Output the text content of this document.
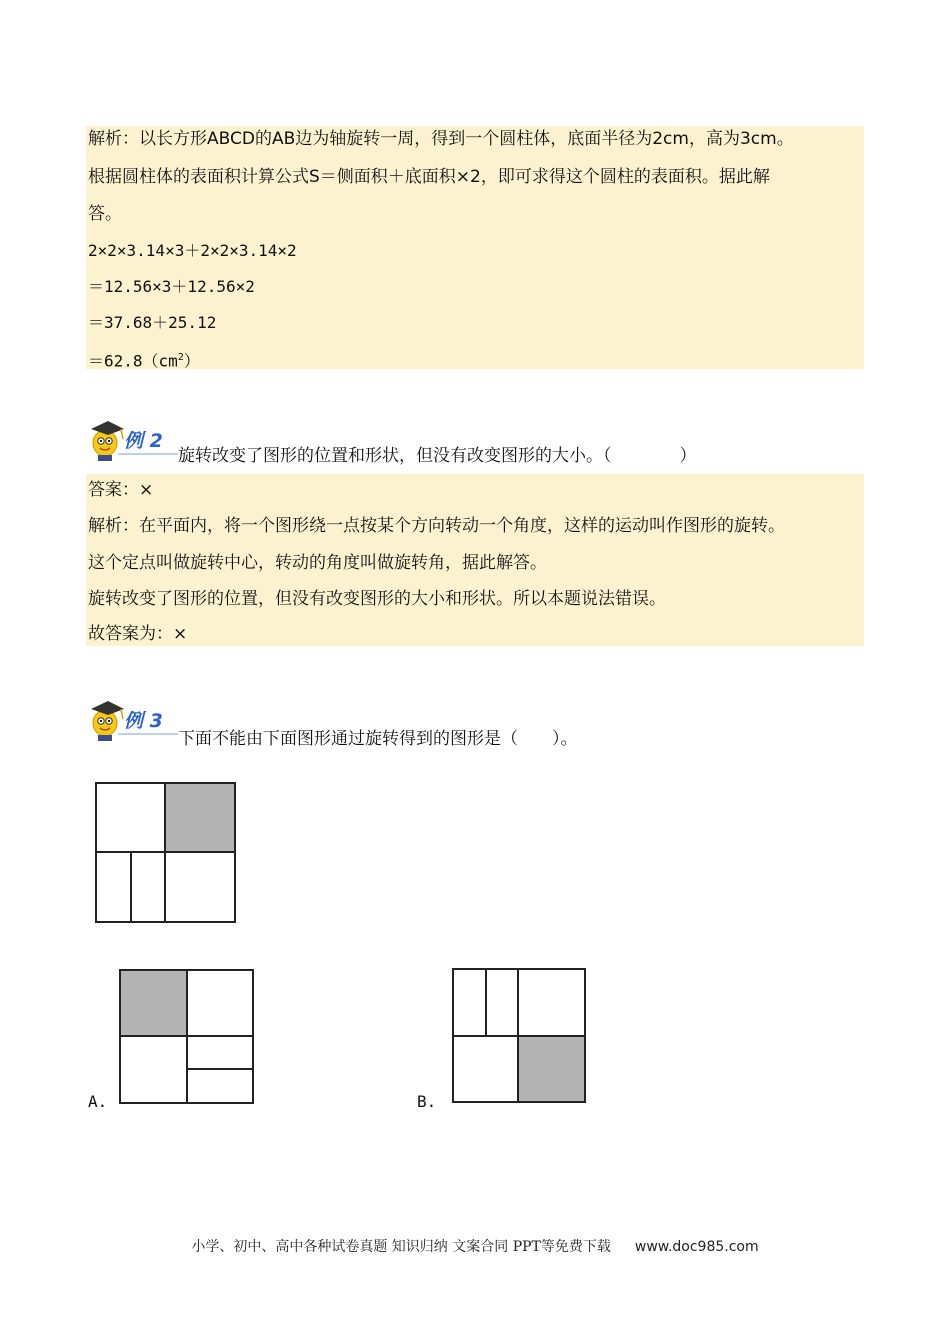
解析：以长方形ABCD的AB边为轴旋转一周，得到一个圆柱体，底面半径为2cm，高为3cm。
根据圆柱体的表面积计算公式S＝侧面积＋底面积×2，即可求得这个圆柱的表面积。据此解
答。
2×2×3.14×3＋2×2×3.14×2
＝12.56×3＋12.56×2
＝37.68＋25.12
$=62.8(cm^2)$
例 2
旋转改变了图形的位置和形状，但没有改变图形的大小。（　　　　）
答案：×
解析：在平面内，将一个图形绕一点按某个方向转动一个角度，这样的运动叫作图形的旋转。
这个定点叫做旋转中心，转动的角度叫做旋转角，据此解答。
旋转改变了图形的位置，但没有改变图形的大小和形状。所以本题说法错误。
故答案为：×
例 3
下面不能由下面图形通过旋转得到的图形是（　　）。
A.	B.
小学、初中、高中各种试卷真题 知识归纳 文案合同 PPT等免费下载 www.doc985.com
